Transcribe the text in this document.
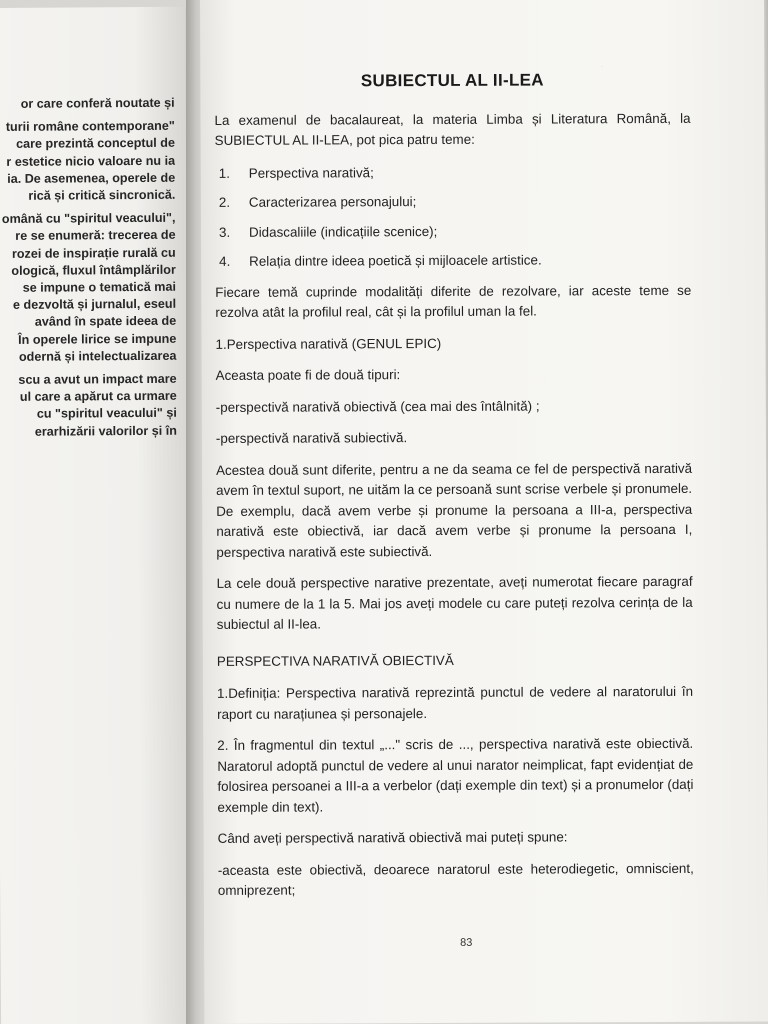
or care conferă noutate și
turii române contemporane"
care prezintă conceptul de
r estetice nicio valoare nu ia
ia. De asemenea, operele de
rică și critică sincronică.
omână cu "spiritul veacului",
re se enumeră: trecerea de
rozei de inspirație rurală cu
ologică, fluxul întâmplărilor
se impune o tematică mai
e dezvoltă și jurnalul, eseul
având în spate ideea de
În operele lirice se impune
odernă și intelectualizarea
scu a avut un impact mare
ul care a apărut ca urmare
cu "spiritul veacului" și
erarhizării valorilor și în
·
SUBIECTUL AL II-LEA

La examenul de bacalaureat, la materia Limba și Literatura Română, la SUBIECTUL AL II-LEA, pot pica patru teme:

1.	Perspectiva narativă;
2.	Caracterizarea personajului;
3.	Didascaliile (indicațiile scenice);
4.	Relația dintre ideea poetică și mijloacele artistice.

Fiecare temă cuprinde modalități diferite de rezolvare, iar aceste teme se rezolva atât la profilul real, cât și la profilul uman la fel.

1.Perspectiva narativă (GENUL EPIC)

Aceasta poate fi de două tipuri:

-perspectivă narativă obiectivă (cea mai des întâlnită) ;

-perspectivă narativă subiectivă.

Acestea două sunt diferite, pentru a ne da seama ce fel de perspectivă narativă avem în textul suport, ne uităm la ce persoană sunt scrise verbele și pronumele. De exemplu, dacă avem verbe și pronume la persoana a III-a, perspectiva narativă este obiectivă, iar dacă avem verbe și pronume la persoana I, perspectiva narativă este subiectivă.

La cele două perspective narative prezentate, aveți numerotat fiecare paragraf cu numere de la 1 la 5. Mai jos aveți modele cu care puteți rezolva cerința de la subiectul al II-lea.

PERSPECTIVA NARATIVĂ OBIECTIVĂ

1.Definiția: Perspectiva narativă reprezintă punctul de vedere al naratorului în raport cu narațiunea și personajele.

2. În fragmentul din textul „..." scris de ..., perspectiva narativă este obiectivă. Naratorul adoptă punctul de vedere al unui narator neimplicat, fapt evidențiat de folosirea persoanei a III-a a verbelor (dați exemple din text) și a pronumelor (dați exemple din text).

Când aveți perspectivă narativă obiectivă mai puteți spune:

-aceasta este obiectivă, deoarece naratorul este heterodiegetic, omniscient, omniprezent;

83
